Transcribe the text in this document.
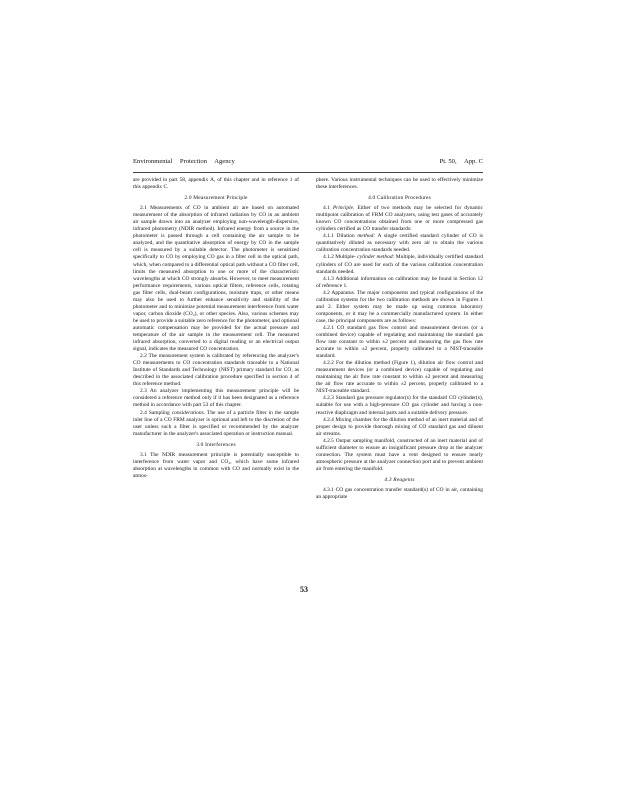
Environmental Protection Agency	Pt. 50, App. C

are provided in part 58, appendix A, of this chapter and in reference 1 of this appendix C.

2.0 Measurement Principle

2.1 Measurements of CO in ambient air are based on automated measurement of the absorption of infrared radiation by CO in an ambient air sample drawn into an analyzer employing non-wavelength-dispersive, infrared photometry (NDIR method). Infrared energy from a source in the photometer is passed through a cell containing the air sample to be analyzed, and the quantitative absorption of energy by CO in the sample cell is measured by a suitable detector. The photometer is sensitized specifically to CO by employing CO gas in a filter cell in the optical path, which, when compared to a differential optical path without a CO filter cell, limits the measured absorption to one or more of the characteristic wavelengths at which CO strongly absorbs. However, to meet measurement performance requirements, various optical filters, reference cells, rotating gas filter cells, dual-beam configurations, moisture traps, or other means may also be used to further enhance sensitivity and stability of the photometer and to minimize potential measurement interference from water vapor, carbon dioxide (CO₂), or other species. Also, various schemes may be used to provide a suitable zero reference for the photometer, and optional automatic compensation may be provided for the actual pressure and temperature of the air sample in the measurement cell. The measured infrared absorption, converted to a digital reading or an electrical output signal, indicates the measured CO concentration.

2.2 The measurement system is calibrated by referencing the analyzer's CO measurements to CO concentration standards traceable to a National Institute of Standards and Technology (NIST) primary standard for CO, as described in the associated calibration procedure specified in section 4 of this reference method.

2.3 An analyzer implementing this measurement principle will be considered a reference method only if it has been designated as a reference method in accordance with part 53 of this chapter.

2.4 Sampling considerations. The use of a particle filter in the sample inlet line of a CO FRM analyzer is optional and left to the discretion of the user unless such a filter is specified or recommended by the analyzer manufacturer in the analyzer's associated operation or instruction manual.

3.0 Interferences

3.1 The NDIR measurement principle is potentially susceptible to interference from water vapor and CO₂, which have some infrared absorption at wavelengths in common with CO and normally exist in the atmos-

phere. Various instrumental techniques can be used to effectively minimize these interferences.

4.0 Calibration Procedures

4.1 Principle. Either of two methods may be selected for dynamic multipoint calibration of FRM CO analyzers, using test gases of accurately known CO concentrations obtained from one or more compressed gas cylinders certified as CO transfer standards:

4.1.1 Dilution method: A single certified standard cylinder of CO is quantitatively diluted as necessary with zero air to obtain the various calibration concentration standards needed.

4.1.2 Multiple- cylinder method: Multiple, individually certified standard cylinders of CO are used for each of the various calibration concentration standards needed.

4.1.3 Additional information on calibration may be found in Section 12 of reference 1.

4.2 Apparatus. The major components and typical configurations of the calibration systems for the two calibration methods are shown in Figures 1 and 2. Either system may be made up using common laboratory components, or it may be a commercially manufactured system. In either case, the principal components are as follows:

4.2.1 CO standard gas flow control and measurement devices (or a combined device) capable of regulating and maintaining the standard gas flow rate constant to within ±2 percent and measuring the gas flow rate accurate to within ±2 percent, properly calibrated to a NIST-traceable standard.

4.2.2 For the dilution method (Figure 1), dilution air flow control and measurement devices (or a combined device) capable of regulating and maintaining the air flow rate constant to within ±2 percent and measuring the air flow rate accurate to within ±2 percent, properly calibrated to a NIST-traceable standard.

4.2.3 Standard gas pressure regulator(s) for the standard CO cylinder(s), suitable for use with a high-pressure CO gas cylinder and having a non-reactive diaphragm and internal parts and a suitable delivery pressure.

4.2.4 Mixing chamber for the dilution method of an inert material and of proper design to provide thorough mixing of CO standard gas and diluent air streams.

4.2.5 Output sampling manifold, constructed of an inert material and of sufficient diameter to ensure an insignificant pressure drop at the analyzer connection. The system must have a vent designed to ensure nearly atmospheric pressure at the analyzer connection port and to prevent ambient air from entering the manifold.

4.3 Reagents

4.3.1 CO gas concentration transfer standard(s) of CO in air, containing an appropriate

53
